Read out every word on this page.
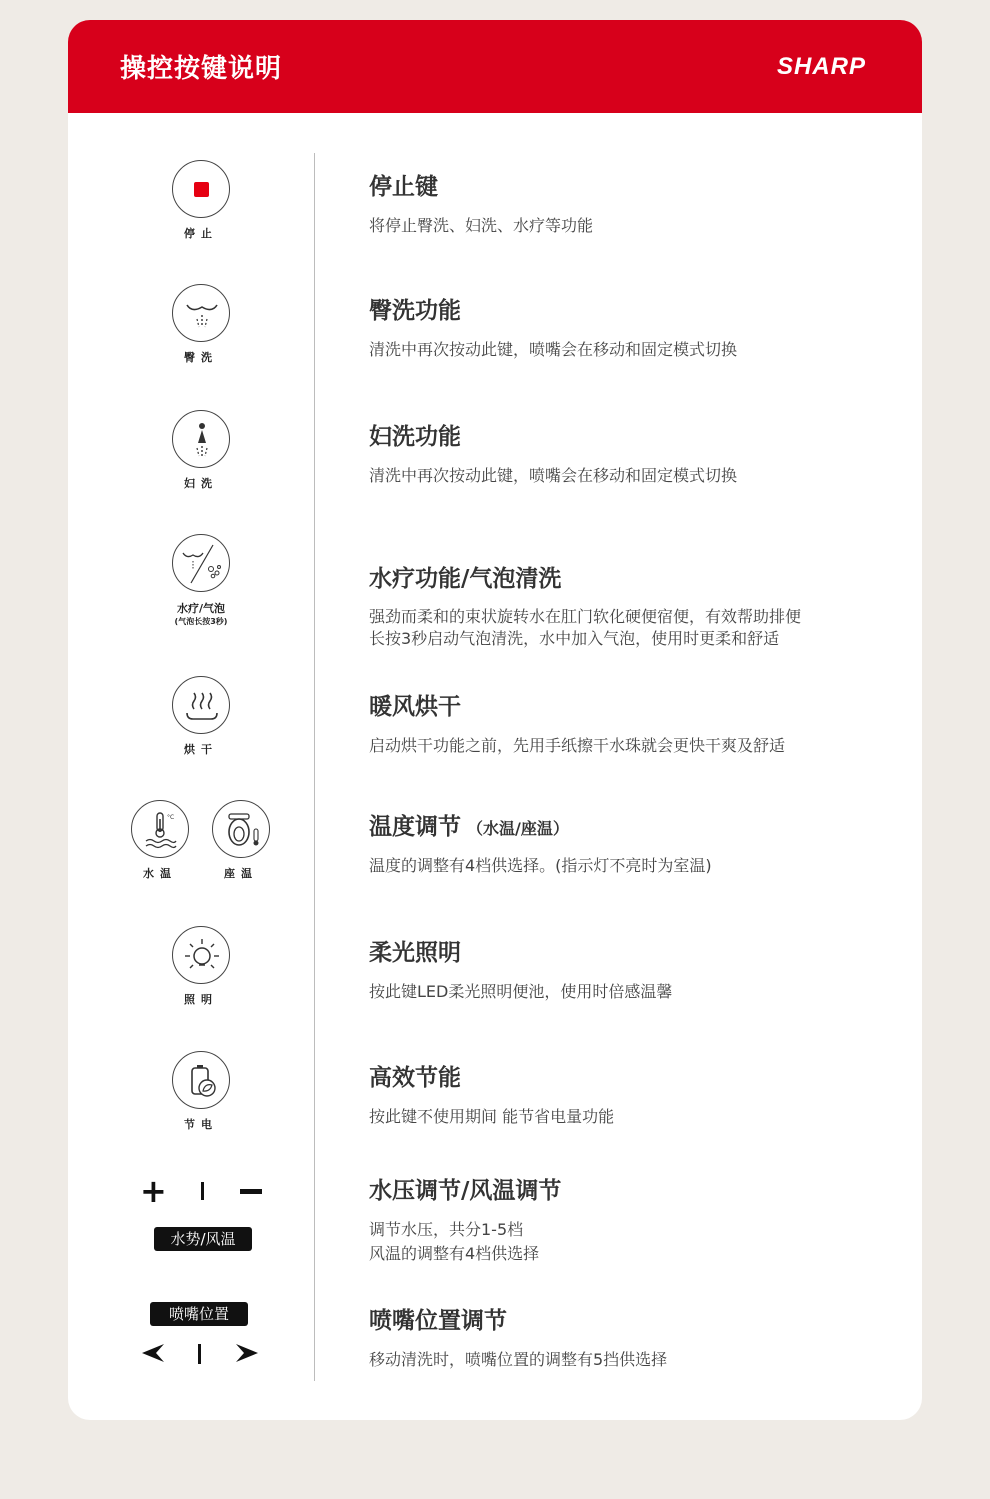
操控按键说明	SHARP
停止
停止键
将停止臀洗、妇洗、水疗等功能
臀洗
臀洗功能
清洗中再次按动此键，喷嘴会在移动和固定模式切换
妇洗
妇洗功能
清洗中再次按动此键，喷嘴会在移动和固定模式切换
水疗/气泡
(气泡长按3秒)
水疗功能/气泡清洗
强劲而柔和的束状旋转水在肛门软化硬便宿便，有效帮助排便
长按3秒启动气泡清洗，水中加入气泡，使用时更柔和舒适
烘干
暖风烘干
启动烘干功能之前，先用手纸擦干水珠就会更快干爽及舒适
°C
水温	座温
温度调节 （水温/座温）
温度的调整有4档供选择。(指示灯不亮时为室温)
照明
柔光照明
按此键LED柔光照明便池，使用时倍感温馨
节电
高效节能
按此键不使用期间 能节省电量功能
+
水势/风温
水压调节/风温调节
调节水压，共分1-5档
风温的调整有4档供选择
喷嘴位置	喷嘴位置调节
移动清洗时，喷嘴位置的调整有5挡供选择
